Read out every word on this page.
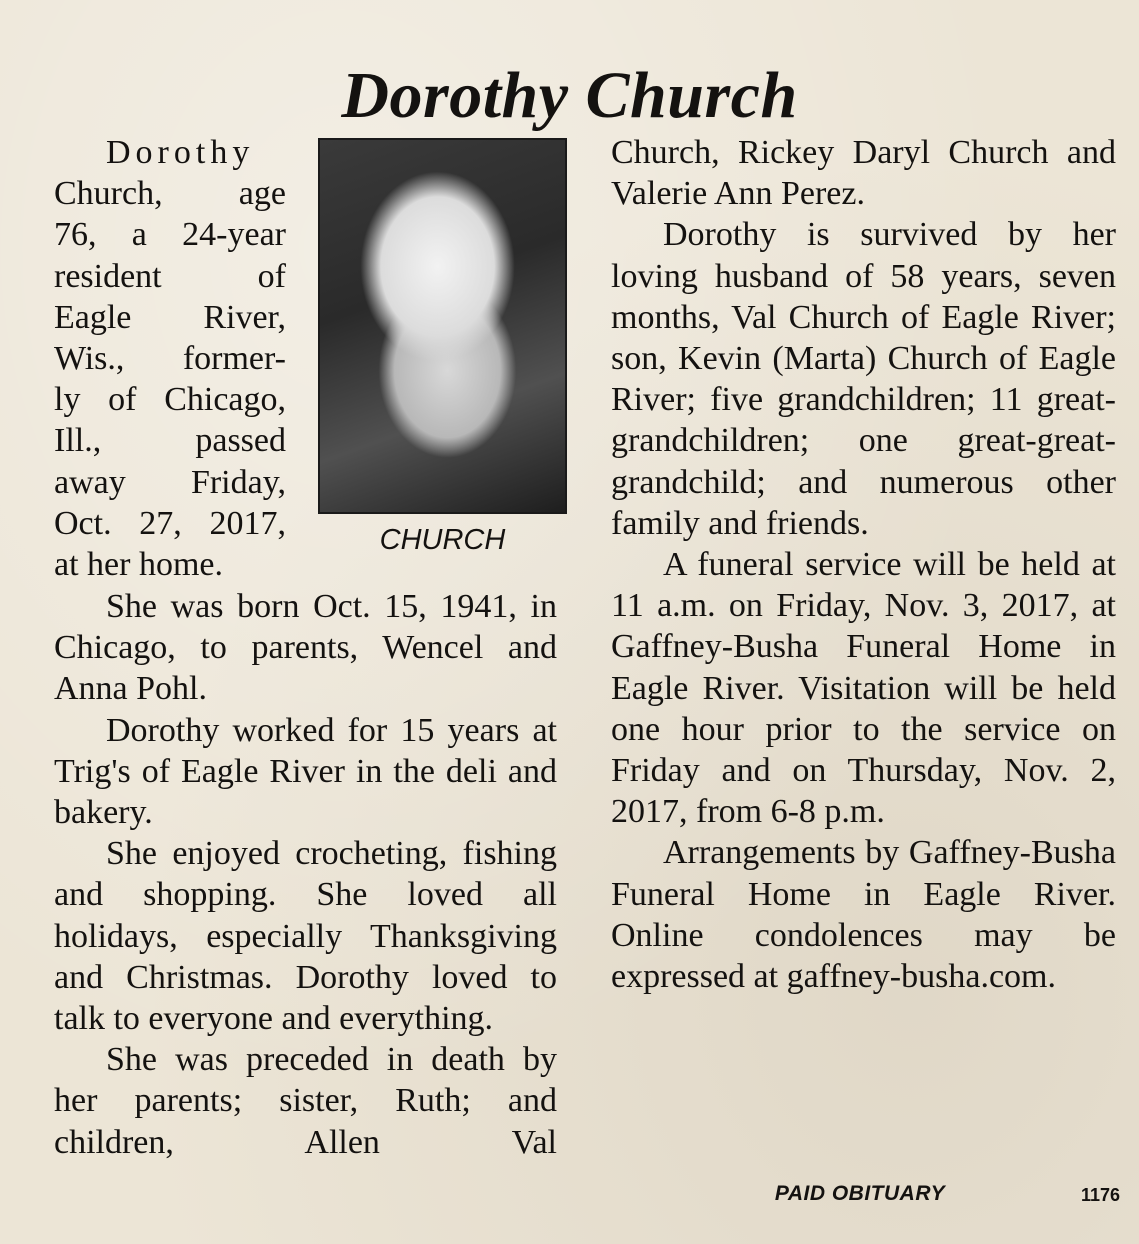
Dorothy Church
Dorothy
Church, age
76, a 24-year
resident of
Eagle River,
Wis., former-
ly of Chicago,
Ill., passed
away Friday,
Oct. 27, 2017,
at her home.
CHURCH

She was born Oct. 15, 1941, in Chicago, to parents, Wencel and Anna Pohl.

Dorothy worked for 15 years at Trig's of Eagle River in the deli and bakery.

She enjoyed crocheting, fishing and shopping. She loved all holidays, especially Thanksgiving and Christmas. Dorothy loved to talk to everyone and everything.

She was preceded in death by her parents; sister, Ruth; and children, Allen Val

Church, Rickey Daryl Church and Valerie Ann Perez.

Dorothy is survived by her loving husband of 58 years, seven months, Val Church of Eagle River; son, Kevin (Marta) Church of Eagle River; five grandchildren; 11 great-grandchildren; one great-great-grandchild; and numerous other family and friends.

A funeral service will be held at 11 a.m. on Friday, Nov. 3, 2017, at Gaffney-Busha Funeral Home in Eagle River. Visitation will be held one hour prior to the service on Friday and on Thursday, Nov. 2, 2017, from 6-8 p.m.

Arrangements by Gaffney-Busha Funeral Home in Eagle River. Online condolences may be expressed at gaffney-busha.com.

PAID OBITUARY	1176
